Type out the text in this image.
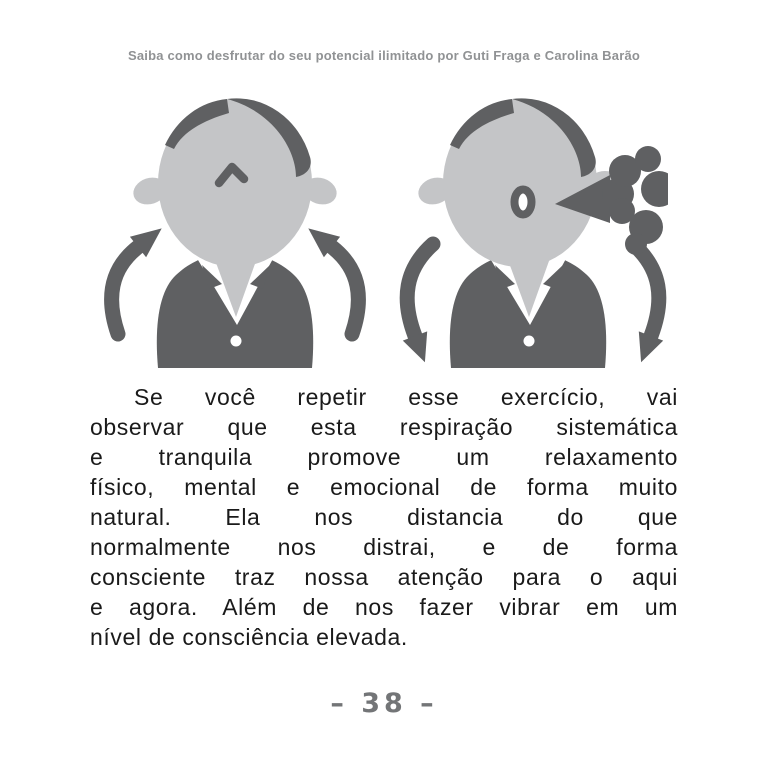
Saiba como desfrutar do seu potencial ilimitado por Guti Fraga e Carolina Barão
Se você repetir esse exercício, vai
observar que esta respiração sistemática
e tranquila promove um relaxamento
físico, mental e emocional de forma muito
natural. Ela nos distancia do que
normalmente nos distrai, e de forma
consciente traz nossa atenção para o aqui
e agora. Além de nos fazer vibrar em um
nível de consciência elevada.
– 38 –
